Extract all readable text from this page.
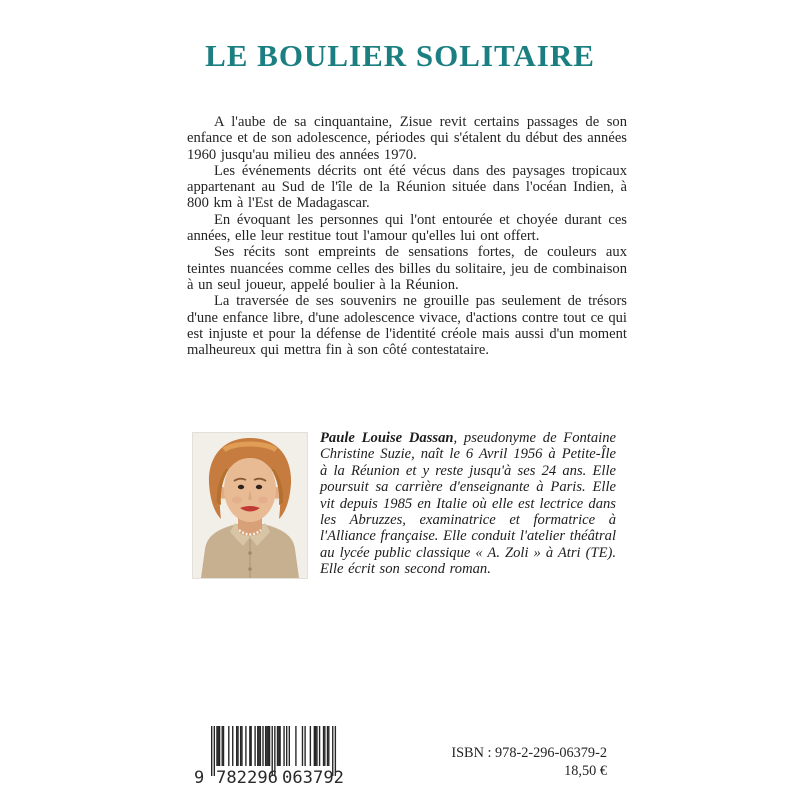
LE BOULIER SOLITAIRE

A l'aube de sa cinquantaine, Zisue revit certains passages de son enfance et de son adolescence, périodes qui s'étalent du début des années 1960 jusqu'au milieu des années 1970.

Les événements décrits ont été vécus dans des paysages tropicaux appartenant au Sud de l'île de la Réunion située dans l'océan Indien, à 800 km à l'Est de Madagascar.

En évoquant les personnes qui l'ont entourée et choyée durant ces années, elle leur restitue tout l'amour qu'elles lui ont offert.

Ses récits sont empreints de sensations fortes, de couleurs aux teintes nuancées comme celles des billes du solitaire, jeu de combinaison à un seul joueur, appelé boulier à la Réunion.

La traversée de ses souvenirs ne grouille pas seulement de trésors d'une enfance libre, d'une adolescence vivace, d'actions contre tout ce qui est injuste et pour la défense de l'identité créole mais aussi d'un moment malheureux qui mettra fin à son côté contestataire.

Paule Louise Dassan, pseudonyme de Fontaine Christine Suzie, naît le 6 Avril 1956 à Petite-Île à la Réunion et y reste jusqu'à ses 24 ans. Elle poursuit sa carrière d'enseignante à Paris. Elle vit depuis 1985 en Italie où elle est lectrice dans les Abruzzes, examinatrice et formatrice à l'Alliance française. Elle conduit l'atelier théâtral au lycée public classique « A. Zoli » à Atri (TE). Elle écrit son second roman.

9 782296 063792
ISBN : 978-2-296-06379-2
18,50 €
